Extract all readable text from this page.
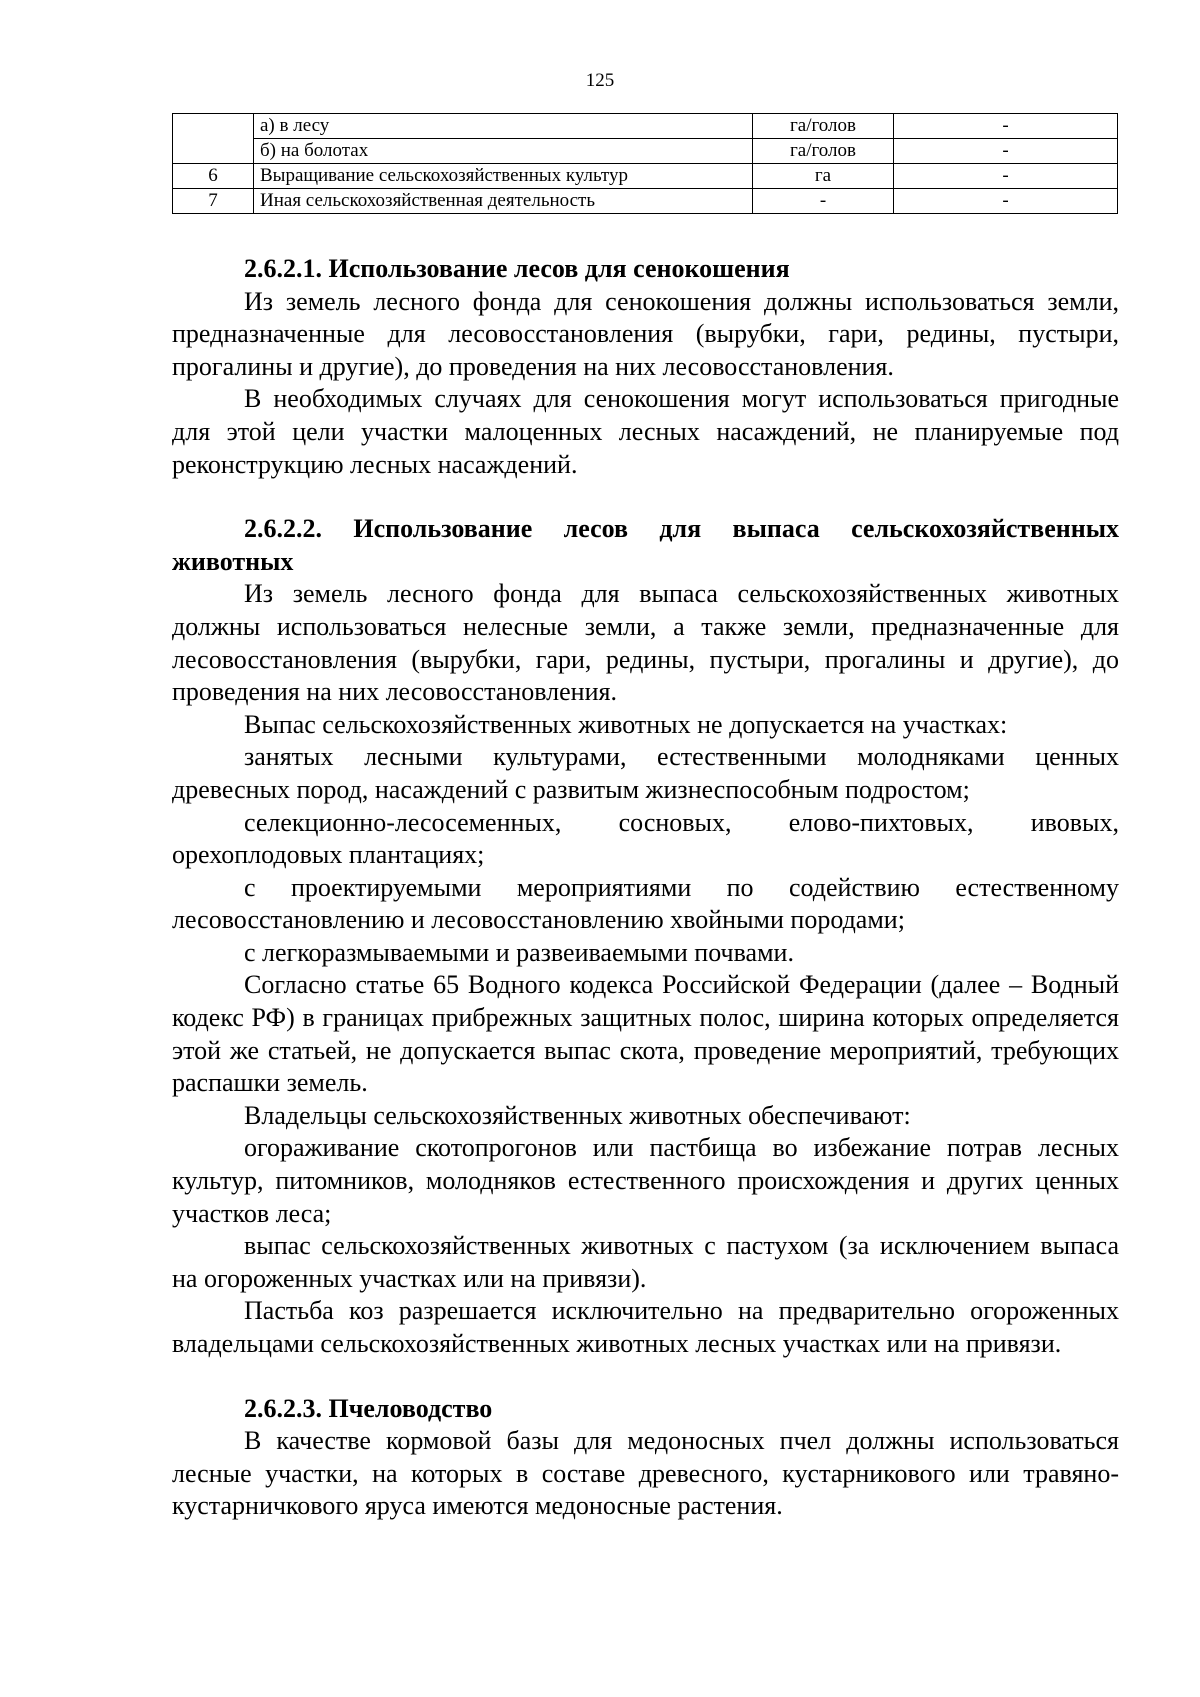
125
	а) в лесу	га/голов	-
	б) на болотах	га/голов	-
6	Выращивание сельскохозяйственных культур	га	-
7	Иная сельскохозяйственная деятельность	-	-
2.6.2.1. Использование лесов для сенокошения

Из земель лесного фонда для сенокошения должны использоваться земли, предназначенные для лесовосстановления (вырубки, гари, редины, пустыри, прогалины и другие), до проведения на них лесовосстановления.

В необходимых случаях для сенокошения могут использоваться пригодные для этой цели участки малоценных лесных насаждений, не планируемые под реконструкцию лесных насаждений.

2.6.2.2. Использование лесов для выпаса сельскохозяйственных животных

Из земель лесного фонда для выпаса сельскохозяйственных животных должны использоваться нелесные земли, а также земли, предназначенные для лесовосстановления (вырубки, гари, редины, пустыри, прогалины и другие), до проведения на них лесовосстановления.

Выпас сельскохозяйственных животных не допускается на участках:

занятых лесными культурами, естественными молодняками ценных древесных пород, насаждений с развитым жизнеспособным подростом;

селекционно-лесосеменных, сосновых, елово-пихтовых, ивовых, орехоплодовых плантациях;

с проектируемыми мероприятиями по содействию естественному лесовосстановлению и лесовосстановлению хвойными породами;

с легкоразмываемыми и развеиваемыми почвами.

Согласно статье 65 Водного кодекса Российской Федерации (далее – Водный кодекс РФ) в границах прибрежных защитных полос, ширина которых определяется этой же статьей, не допускается выпас скота, проведение мероприятий, требующих распашки земель.

Владельцы сельскохозяйственных животных обеспечивают:

огораживание скотопрогонов или пастбища во избежание потрав лесных культур, питомников, молодняков естественного происхождения и других ценных участков леса;

выпас сельскохозяйственных животных с пастухом (за исключением выпаса на огороженных участках или на привязи).

Пастьба коз разрешается исключительно на предварительно огороженных владельцами сельскохозяйственных животных лесных участках или на привязи.

2.6.2.3. Пчеловодство

В качестве кормовой базы для медоносных пчел должны использоваться лесные участки, на которых в составе древесного, кустарникового или травяно-кустарничкового яруса имеются медоносные растения.
